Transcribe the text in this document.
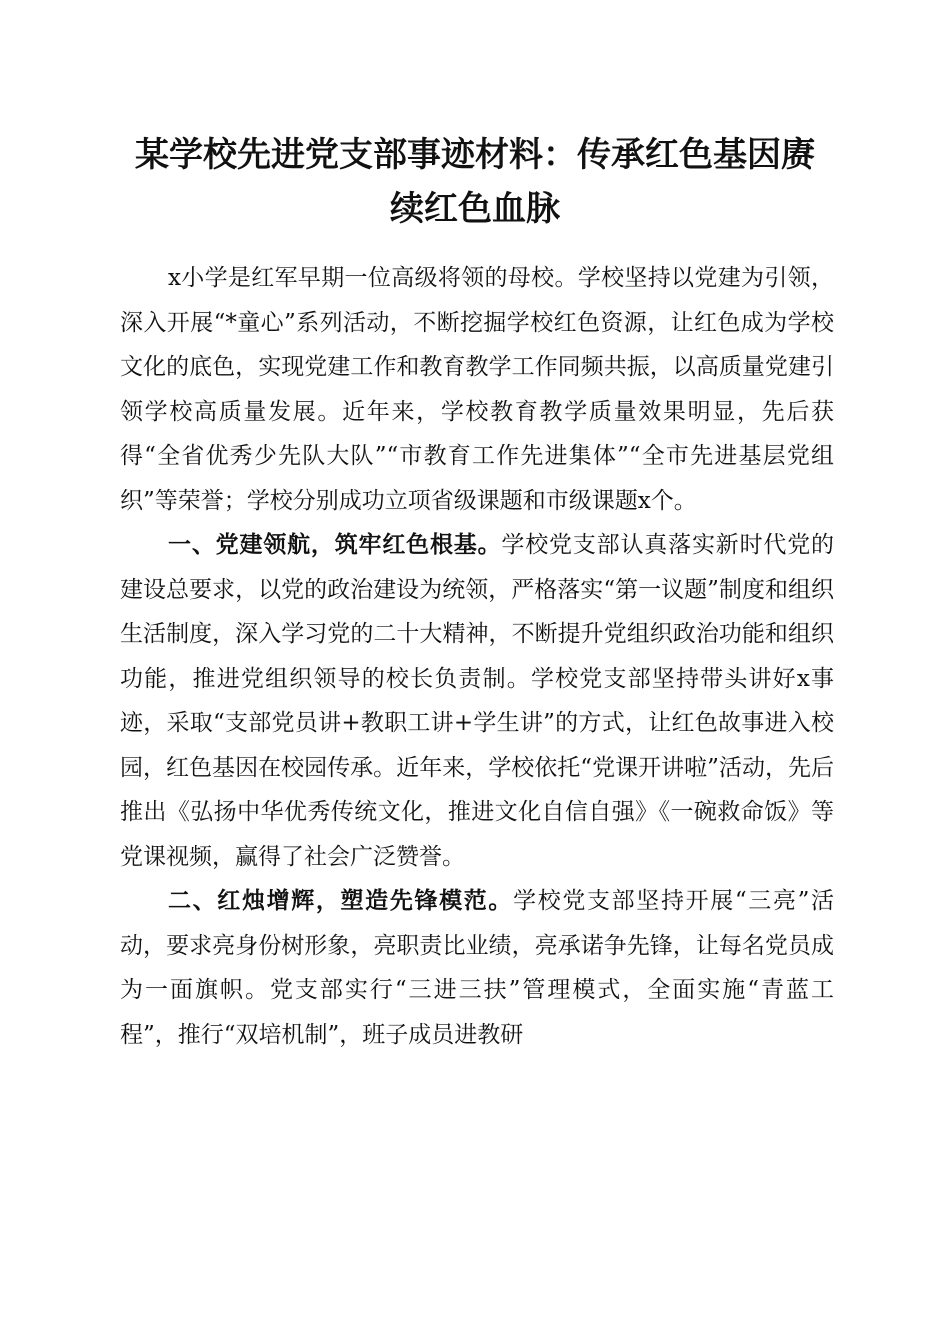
某学校先进党支部事迹材料：传承红色基因赓
续红色血脉

x小学是红军早期一位高级将领的母校。学校坚持以党建为引领，深入开展“*童心”系列活动，不断挖掘学校红色资源，让红色成为学校文化的底色，实现党建工作和教育教学工作同频共振，以高质量党建引领学校高质量发展。近年来，学校教育教学质量效果明显，先后获得“全省优秀少先队大队”“市教育工作先进集体”“全市先进基层党组织”等荣誉；学校分别成功立项省级课题和市级课题x个。

一、党建领航，筑牢红色根基。学校党支部认真落实新时代党的建设总要求，以党的政治建设为统领，严格落实“第一议题”制度和组织生活制度，深入学习党的二十大精神，不断提升党组织政治功能和组织功能，推进党组织领导的校长负责制。学校党支部坚持带头讲好x事迹，采取“支部党员讲+教职工讲+学生讲”的方式，让红色故事进入校园，红色基因在校园传承。近年来，学校依托“党课开讲啦”活动，先后推出《弘扬中华优秀传统文化，推进文化自信自强》《一碗救命饭》等党课视频，赢得了社会广泛赞誉。

二、红烛增辉，塑造先锋模范。学校党支部坚持开展“三亮”活动，要求亮身份树形象，亮职责比业绩，亮承诺争先锋，让每名党员成为一面旗帜。党支部实行“三进三扶”管理模式，全面实施“青蓝工程”，推行“双培机制”，班子成员进教研
